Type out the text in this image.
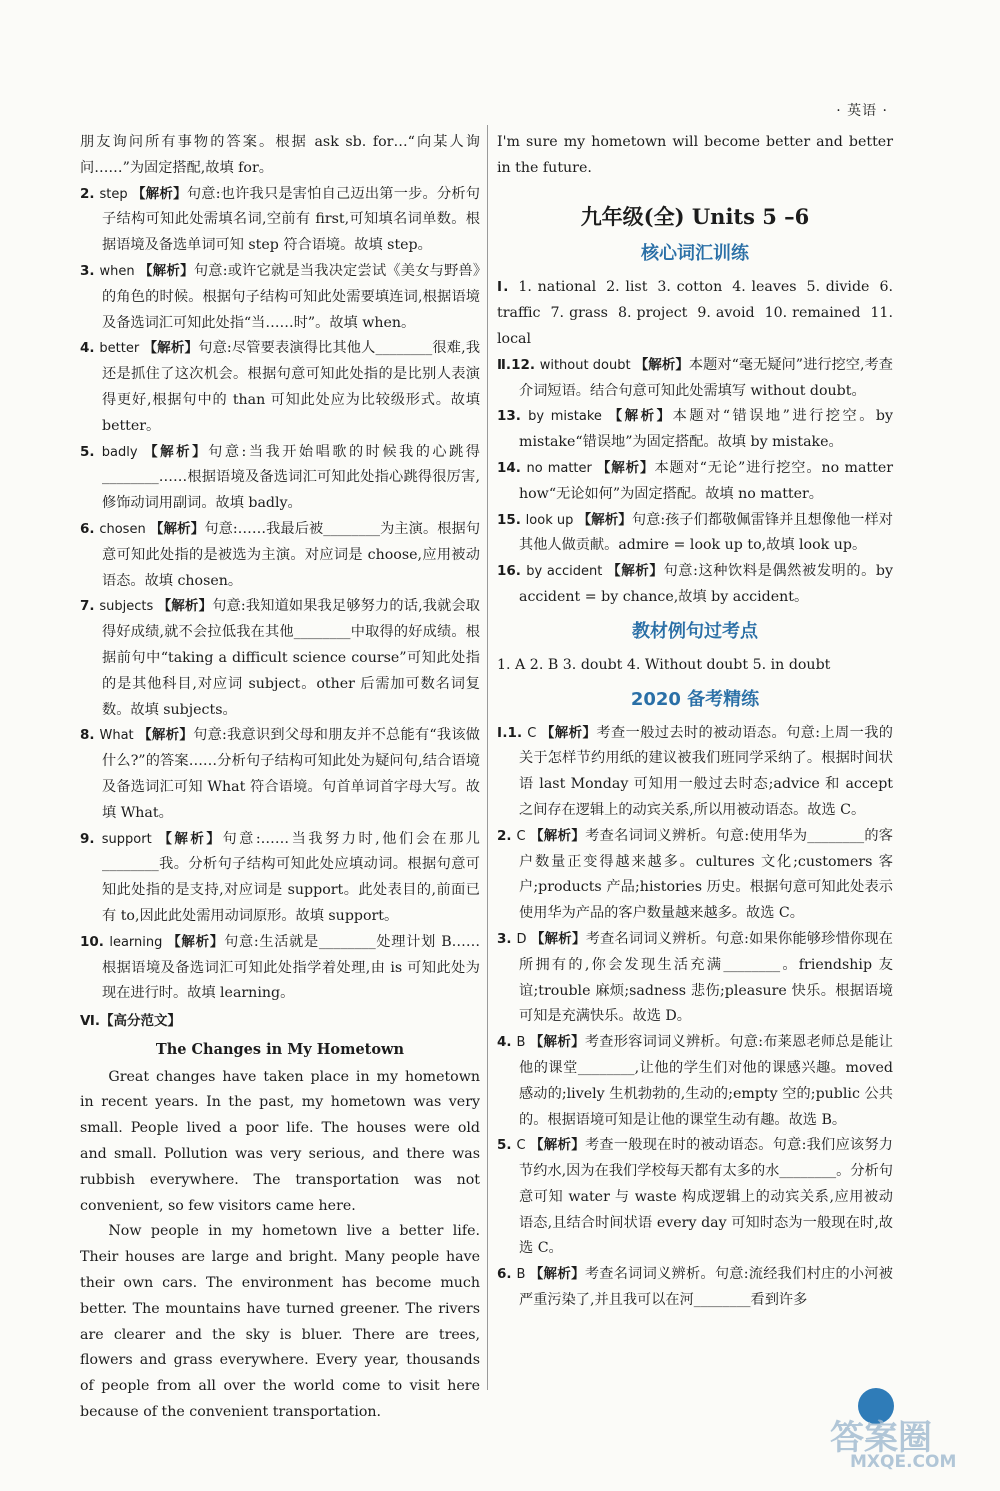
· 英语 ·

朋友询问所有事物的答案。根据 ask sb. for…“向某人询问……”为固定搭配,故填 for。

2. step 【解析】句意:也许我只是害怕自己迈出第一步。分析句子结构可知此处需填名词,空前有 first,可知填名词单数。根据语境及备选单词可知 step 符合语境。故填 step。

3. when 【解析】句意:或许它就是当我决定尝试《美女与野兽》的角色的时候。根据句子结构可知此处需要填连词,根据语境及备选词汇可知此处指“当……时”。故填 when。

4. better 【解析】句意:尽管要表演得比其他人________很难,我还是抓住了这次机会。根据句意可知此处指的是比别人表演得更好,根据句中的 than 可知此处应为比较级形式。故填 better。

5. badly 【解析】句意:当我开始唱歌的时候我的心跳得________……根据语境及备选词汇可知此处指心跳得很厉害,修饰动词用副词。故填 badly。

6. chosen 【解析】句意:……我最后被________为主演。根据句意可知此处指的是被选为主演。对应词是 choose,应用被动语态。故填 chosen。

7. subjects 【解析】句意:我知道如果我足够努力的话,我就会取得好成绩,就不会拉低我在其他________中取得的好成绩。根据前句中“taking a difficult science course”可知此处指的是其他科目,对应词 subject。other 后需加可数名词复数。故填 subjects。

8. What 【解析】句意:我意识到父母和朋友并不总能有“我该做什么?”的答案……分析句子结构可知此处为疑问句,结合语境及备选词汇可知 What 符合语境。句首单词首字母大写。故填 What。

9. support 【解析】句意:……当我努力时,他们会在那儿________我。分析句子结构可知此处应填动词。根据句意可知此处指的是支持,对应词是 support。此处表目的,前面已有 to,因此此处需用动词原形。故填 support。

10. learning 【解析】句意:生活就是________处理计划 B……根据语境及备选词汇可知此处指学着处理,由 is 可知此处为现在进行时。故填 learning。

Ⅵ.【高分范文】

The Changes in My Hometown

Great changes have taken place in my hometown in recent years. In the past, my hometown was very small. People lived a poor life. The houses were old and small. Pollution was very serious, and there was rubbish everywhere. The transportation was not convenient, so few visitors came here.

Now people in my hometown live a better life. Their houses are large and bright. Many people have their own cars. The environment has become much better. The mountains have turned greener. The rivers are clearer and the sky is bluer. There are trees, flowers and grass everywhere. Every year, thousands of people from all over the world come to visit here because of the convenient transportation.

I'm sure my hometown will become better and better in the future.

九年级(全) Units 5 –6
核心词汇训练

Ⅰ. 1. national 2. list 3. cotton 4. leaves 5. divide 6. traffic 7. grass 8. project 9. avoid 10. remained 11. local

Ⅱ.12. without doubt 【解析】本题对“毫无疑问”进行挖空,考查介词短语。结合句意可知此处需填写 without doubt。

13. by mistake 【解析】本题对“错误地”进行挖空。by mistake“错误地”为固定搭配。故填 by mistake。

14. no matter 【解析】本题对“无论”进行挖空。no matter how“无论如何”为固定搭配。故填 no matter。

15. look up 【解析】句意:孩子们都敬佩雷锋并且想像他一样对其他人做贡献。admire = look up to,故填 look up。

16. by accident 【解析】句意:这种饮料是偶然被发明的。by accident = by chance,故填 by accident。

教材例句过考点

1. A 2. B 3. doubt 4. Without doubt 5. in doubt

2020 备考精练

Ⅰ.1. C 【解析】考查一般过去时的被动语态。句意:上周一我的关于怎样节约用纸的建议被我们班同学采纳了。根据时间状语 last Monday 可知用一般过去时态;advice 和 accept 之间存在逻辑上的动宾关系,所以用被动语态。故选 C。

2. C 【解析】考查名词词义辨析。句意:使用华为________的客户数量正变得越来越多。cultures 文化;customers 客户;products 产品;histories 历史。根据句意可知此处表示使用华为产品的客户数量越来越多。故选 C。

3. D 【解析】考查名词词义辨析。句意:如果你能够珍惜你现在所拥有的,你会发现生活充满________。friendship 友谊;trouble 麻烦;sadness 悲伤;pleasure 快乐。根据语境可知是充满快乐。故选 D。

4. B 【解析】考查形容词词义辨析。句意:布莱恩老师总是能让他的课堂________,让他的学生们对他的课感兴趣。moved 感动的;lively 生机勃勃的,生动的;empty 空的;public 公共的。根据语境可知是让他的课堂生动有趣。故选 B。

5. C 【解析】考查一般现在时的被动语态。句意:我们应该努力节约水,因为在我们学校每天都有太多的水________。分析句意可知 water 与 waste 构成逻辑上的动宾关系,应用被动语态,且结合时间状语 every day 可知时态为一般现在时,故选 C。

6. B 【解析】考查名词词义辨析。句意:流经我们村庄的小河被严重污染了,并且我可以在河________看到许多

答案圈
MXQE.COM
